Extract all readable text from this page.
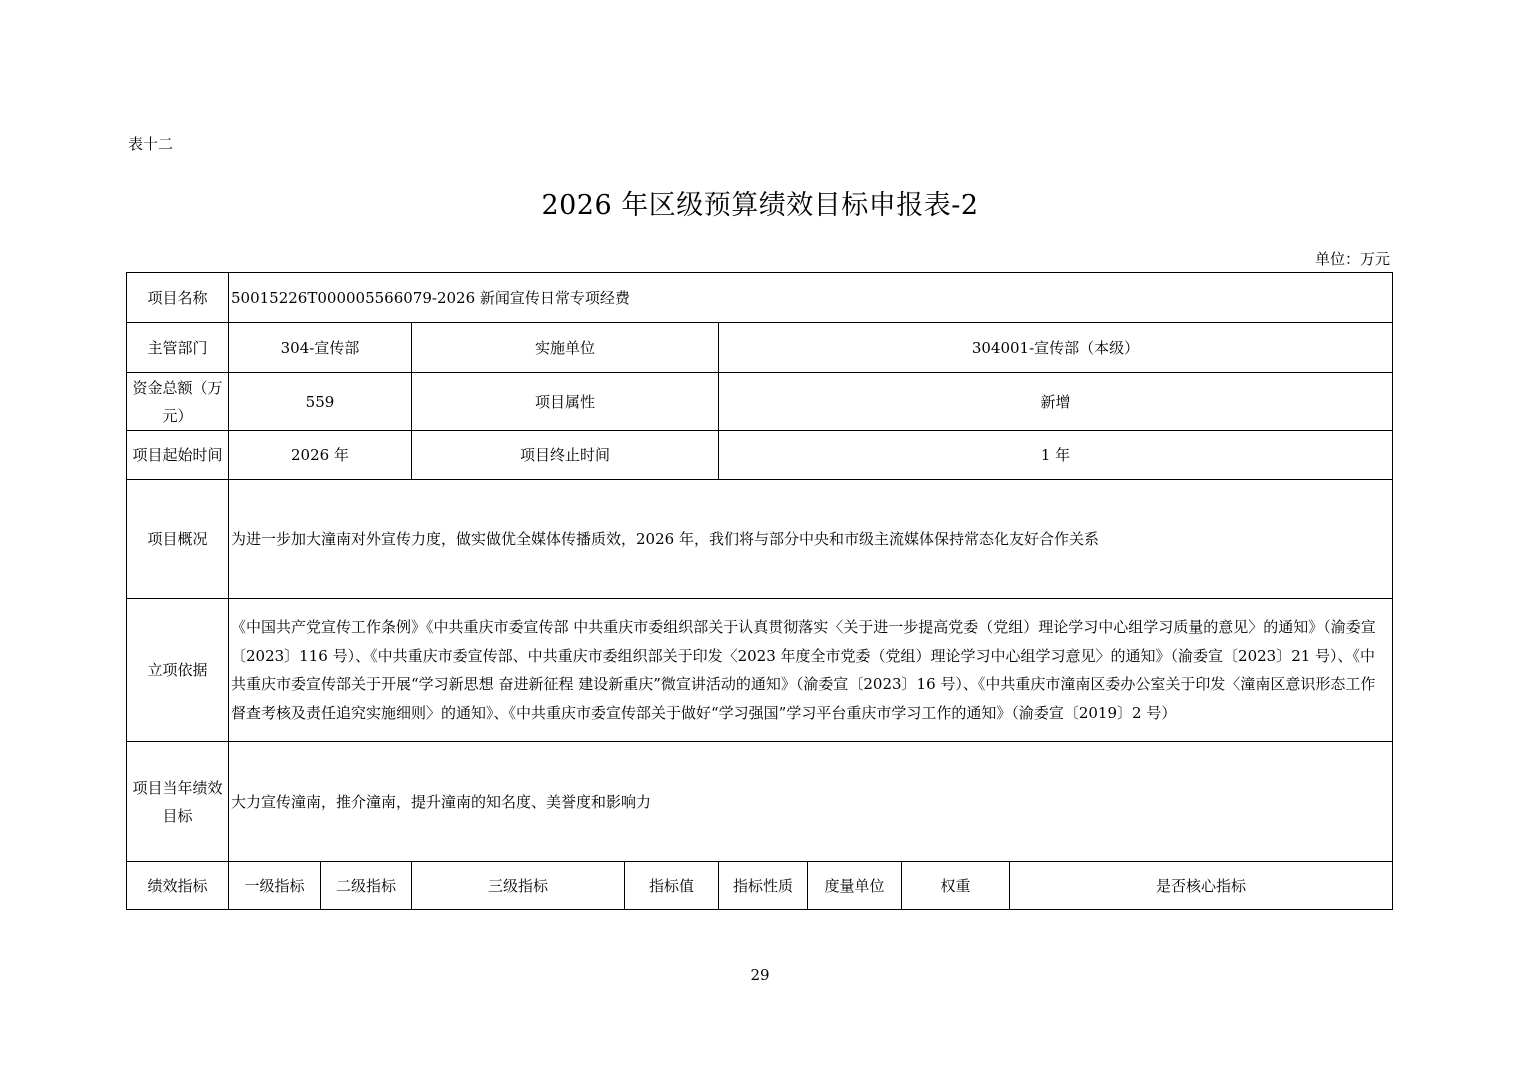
表十二
2026 年区级预算绩效目标申报表-2
单位：万元
项目名称	50015226T000005566079-2026 新闻宣传日常专项经费							
主管部门	304-宣传部		实施单位		304001-宣传部（本级）			
资金总额（万元）	559		项目属性		新增			
项目起始时间	2026 年		项目终止时间		1 年			
项目概况	为进一步加大潼南对外宣传力度，做实做优全媒体传播质效，2026 年，我们将与部分中央和市级主流媒体保持常态化友好合作关系							
立项依据	《中国共产党宣传工作条例》《中共重庆市委宣传部 中共重庆市委组织部关于认真贯彻落实〈关于进一步提高党委（党组）理论学习中心组学习质量的意见〉的通知》（渝委宣〔2023〕116 号）、《中共重庆市委宣传部、中共重庆市委组织部关于印发〈2023 年度全市党委（党组）理论学习中心组学习意见〉的通知》（渝委宣〔2023〕21 号）、《中共重庆市委宣传部关于开展“学习新思想 奋进新征程 建设新重庆”微宣讲活动的通知》（渝委宣〔2023〕16 号）、《中共重庆市潼南区委办公室关于印发〈潼南区意识形态工作督查考核及责任追究实施细则〉的通知》、《中共重庆市委宣传部关于做好“学习强国”学习平台重庆市学习工作的通知》（渝委宣〔2019〕2 号）							
项目当年绩效目标	大力宣传潼南，推介潼南，提升潼南的知名度、美誉度和影响力							
绩效指标	一级指标	二级指标	三级指标	指标值	指标性质	度量单位	权重	是否核心指标
29
